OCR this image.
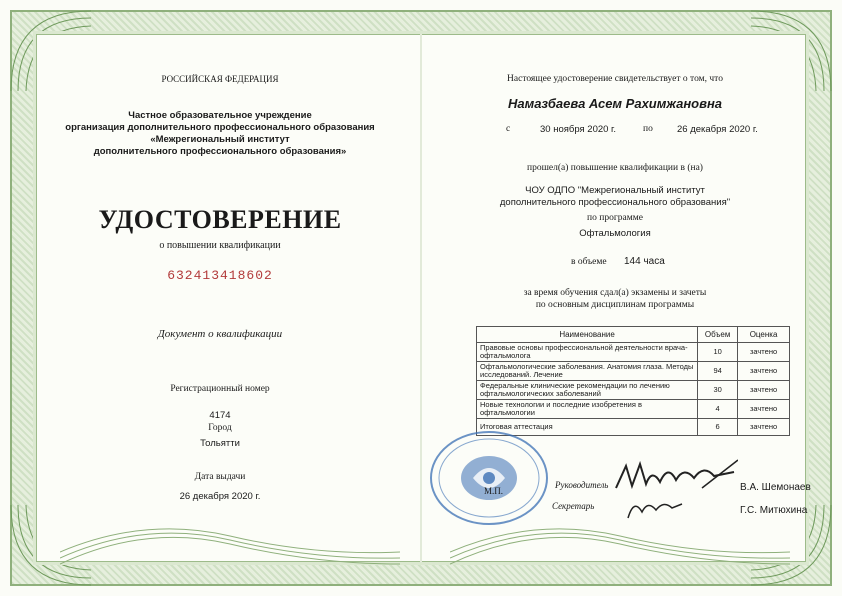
РОССИЙСКАЯ ФЕДЕРАЦИЯ
Частное образовательное учреждение
организация дополнительного профессионального образования
«Межрегиональный институт
дополнительного профессионального образования»
УДОСТОВЕРЕНИЕ
о повышении квалификации
632413418602
Документ о квалификации
Регистрационный номер
4174
Город
Тольятти
Дата выдачи
26 декабря 2020 г.
Настоящее удостоверение свидетельствует о том, что
Намазбаева Асем Рахимжановна
с	30 ноября 2020 г.	по	26 декабря 2020 г.
прошел(а) повышение квалификации в (на)
ЧОУ ОДПО "Межрегиональный институт
дополнительного профессионального образования"
по программе
Офтальмология
в объеме 144 часа
за время обучения сдал(а) экзамены и зачеты
по основным дисциплинам программы
Наименование	Объем	Оценка
Правовые основы профессиональной деятельности врача-офтальмолога	10	зачтено
Офтальмологические заболевания. Анатомия глаза. Методы исследований. Лечение	94	зачтено
Федеральные клинические рекомендации по лечению офтальмологических заболеваний	30	зачтено
Новые технологии и последние изобретения в офтальмологии	4	зачтено
Итоговая аттестация	6	зачтено
М.П.
Руководитель	В.А. Шемонаев
Секретарь	Г.С. Митюхина
